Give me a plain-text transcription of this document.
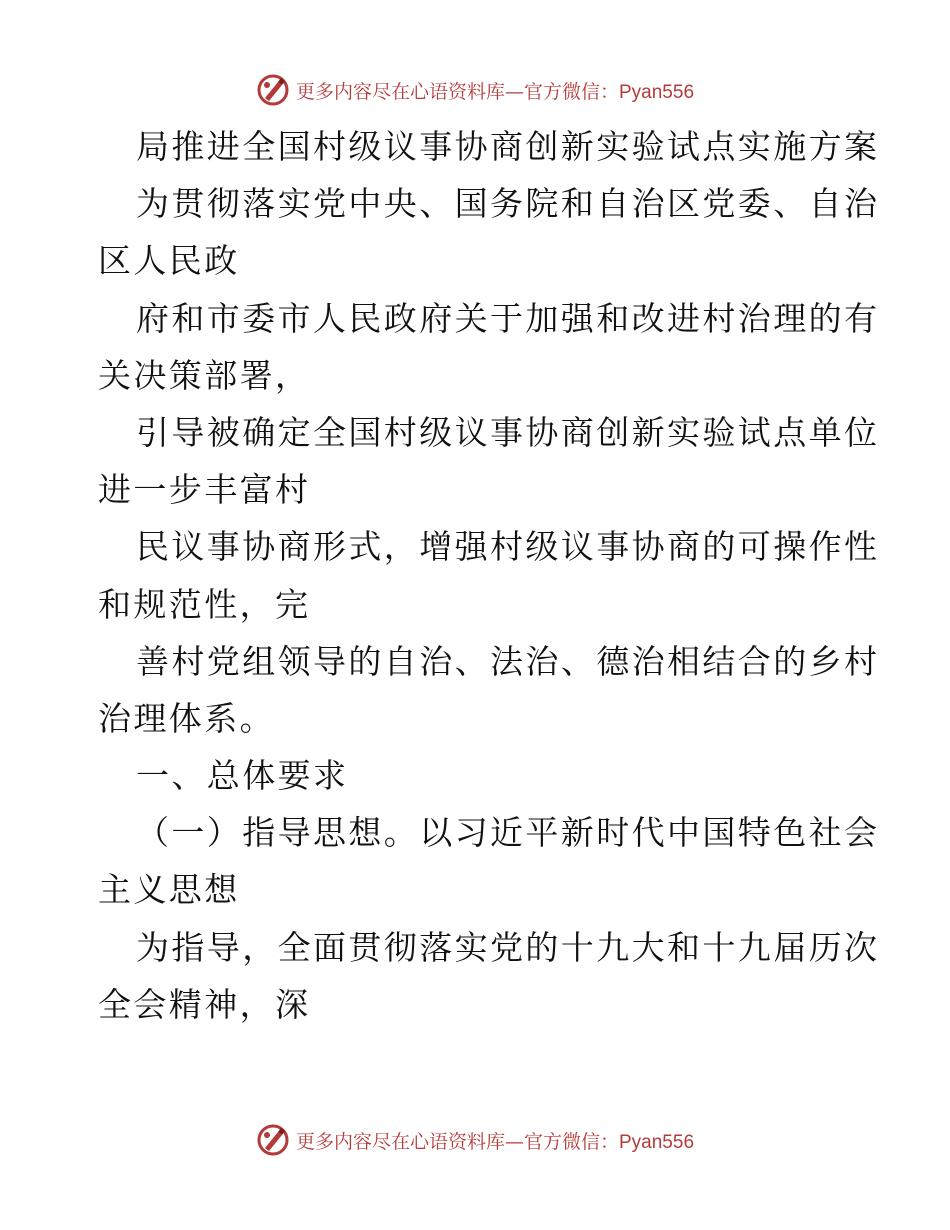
更多内容尽在心语资料库—官方微信：Pyan556

局推进全国村级议事协商创新实验试点实施方案

为贯彻落实党中央、国务院和自治区党委、自治

区人民政

府和市委市人民政府关于加强和改进村治理的有

关决策部署，

引导被确定全国村级议事协商创新实验试点单位

进一步丰富村

民议事协商形式，增强村级议事协商的可操作性

和规范性，完

善村党组领导的自治、法治、德治相结合的乡村

治理体系。

一、总体要求

（一）指导思想。以习近平新时代中国特色社会

主义思想

为指导，全面贯彻落实党的十九大和十九届历次

全会精神，深

更多内容尽在心语资料库—官方微信：Pyan556
